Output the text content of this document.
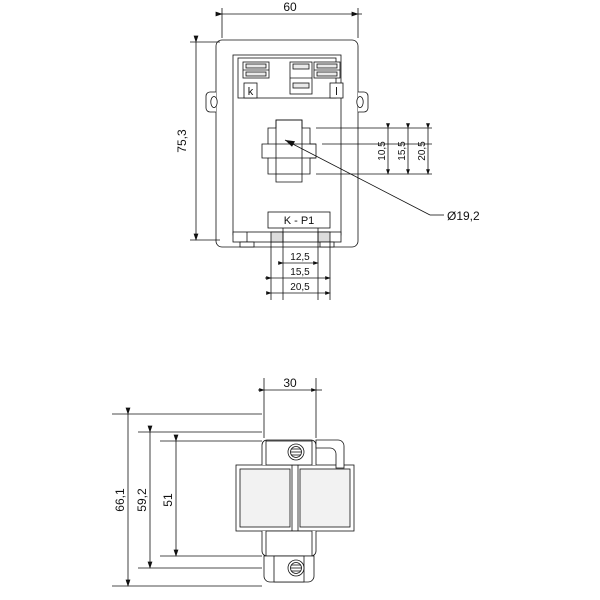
60
75,3	10,5 15,5 20,5
12,5
15,5
20,5
Ø19,2
k	l
K - P1
30
66,1 59,2 51
